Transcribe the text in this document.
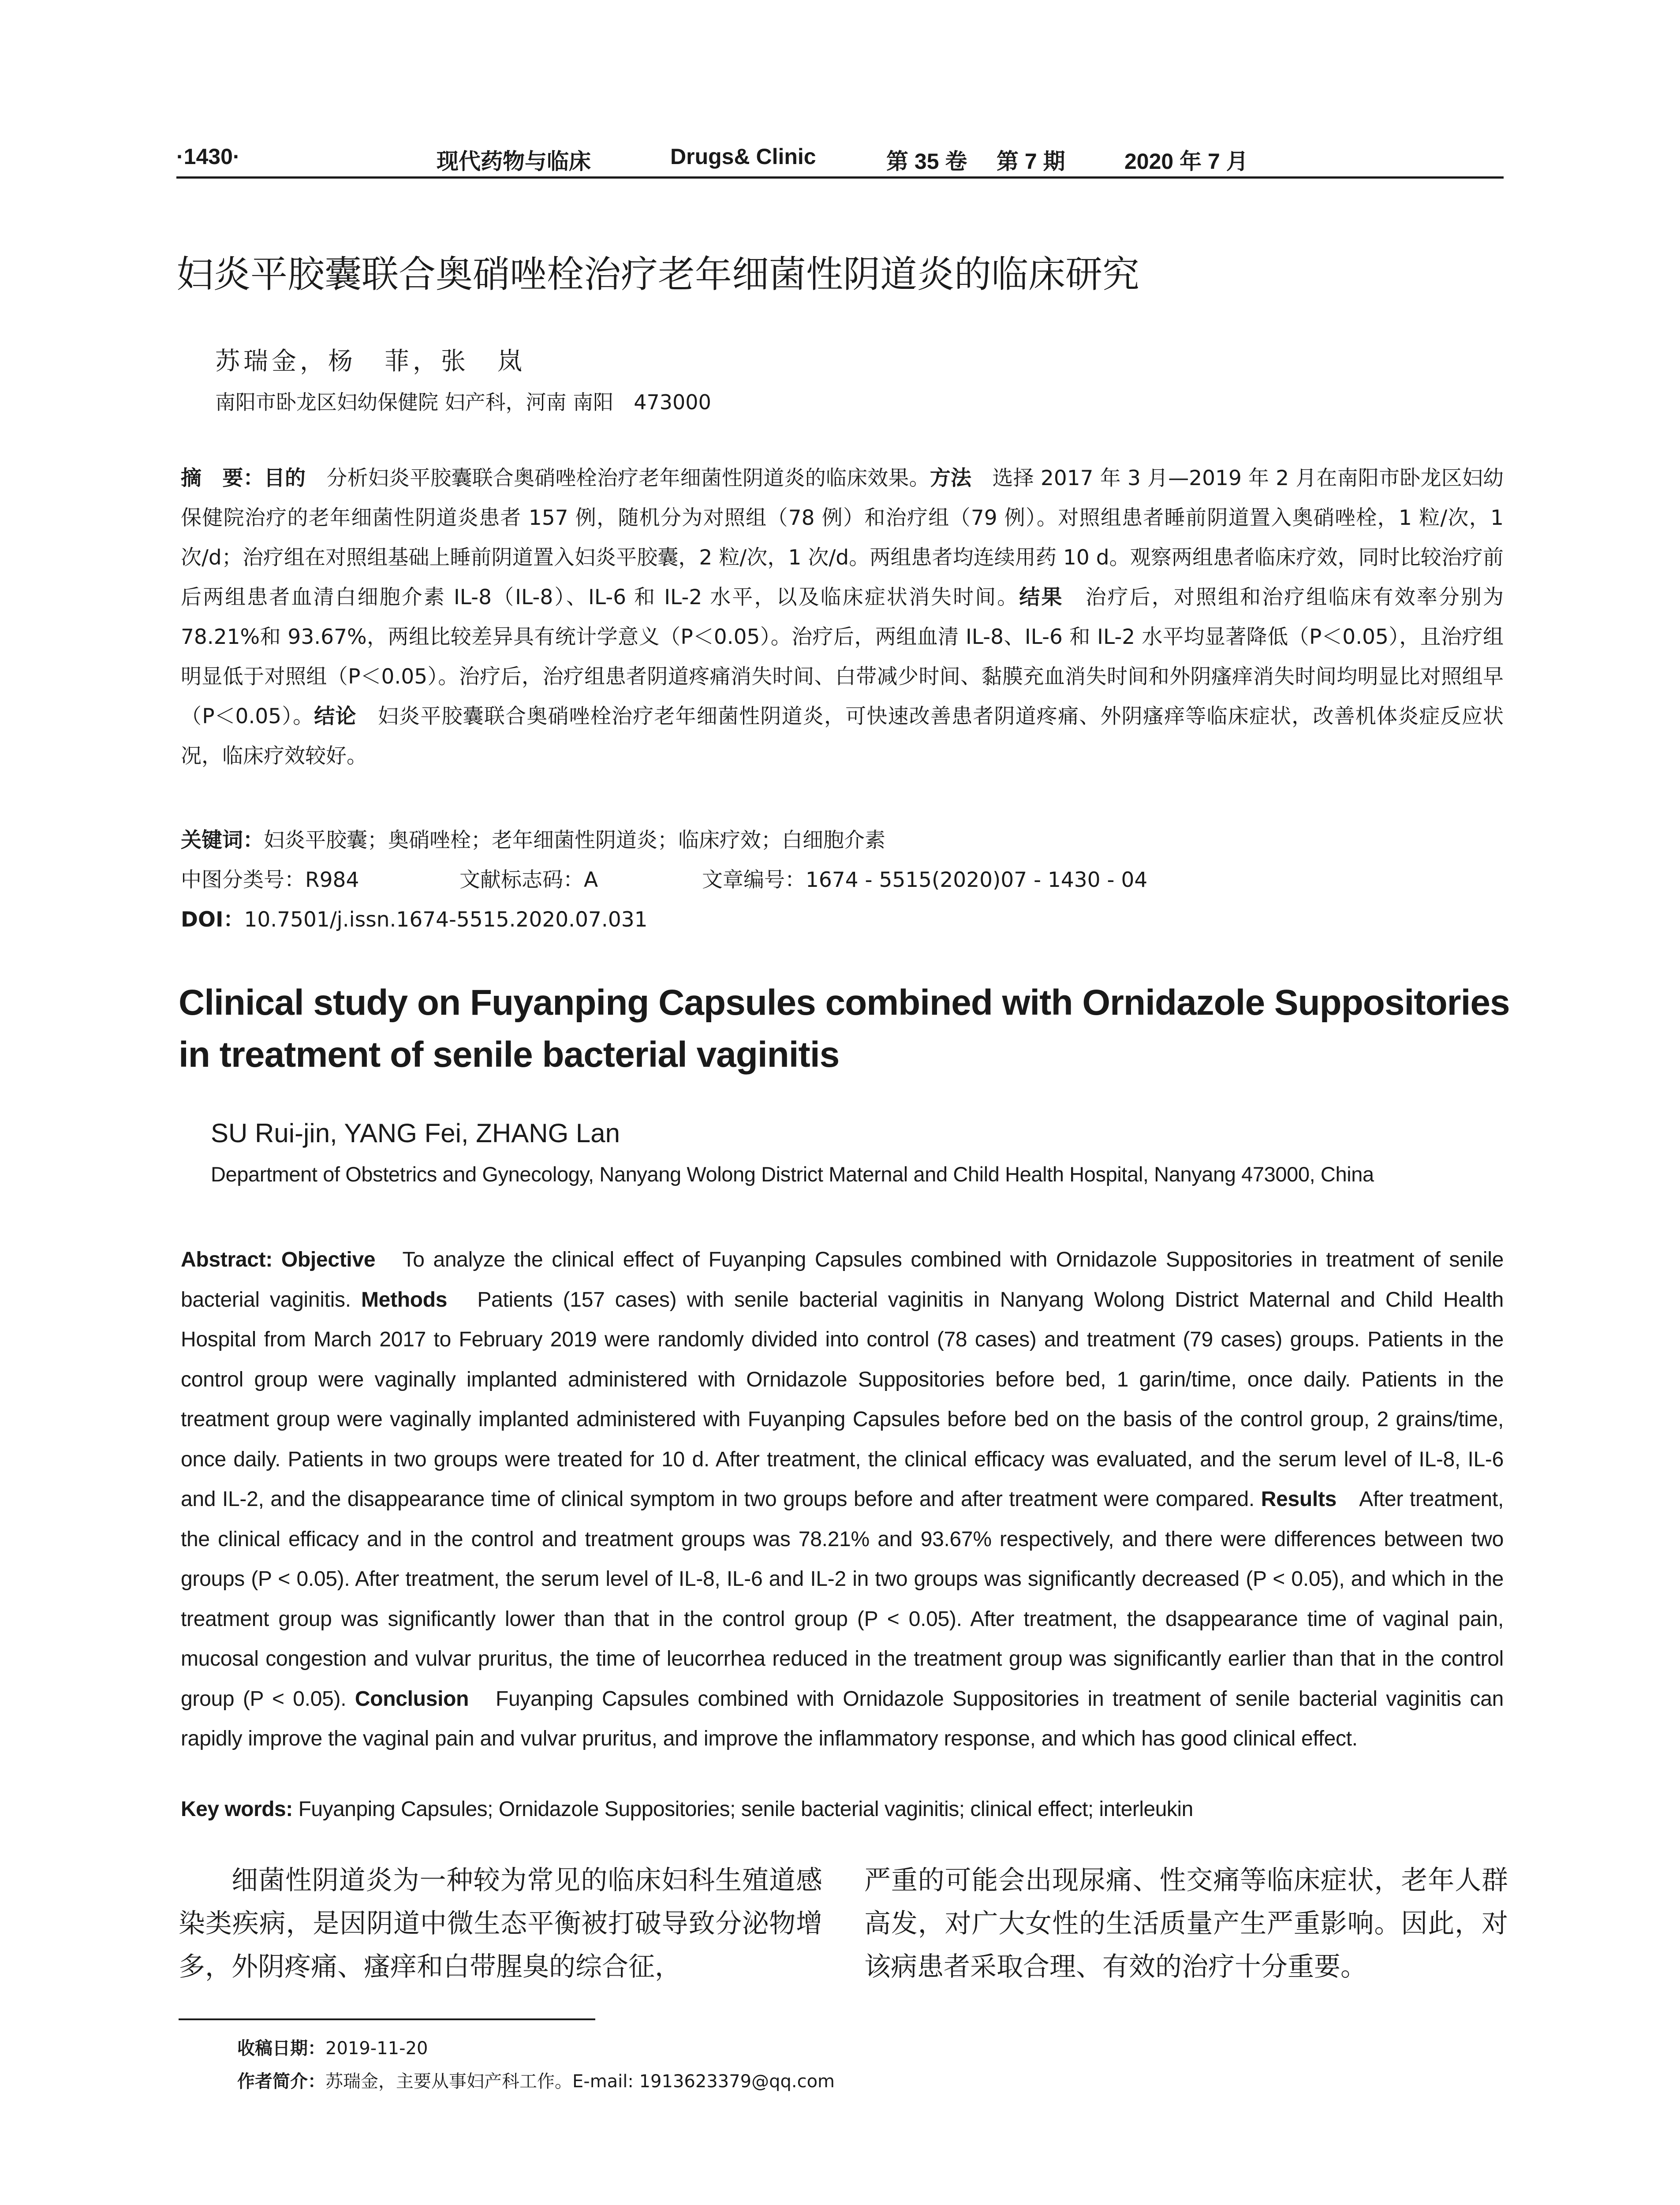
·1430·	现代药物与临床	Drugs& Clinic	第 35 卷 第 7 期	2020 年 7 月
妇炎平胶囊联合奥硝唑栓治疗老年细菌性阴道炎的临床研究
苏瑞金，杨　菲，张　岚
南阳市卧龙区妇幼保健院 妇产科，河南 南阳　473000
摘　要：目的　分析妇炎平胶囊联合奥硝唑栓治疗老年细菌性阴道炎的临床效果。方法　选择 2017 年 3 月—2019 年 2 月在南阳市卧龙区妇幼保健院治疗的老年细菌性阴道炎患者 157 例，随机分为对照组（78 例）和治疗组（79 例）。对照组患者睡前阴道置入奥硝唑栓，1 粒/次，1 次/d；治疗组在对照组基础上睡前阴道置入妇炎平胶囊，2 粒/次，1 次/d。两组患者均连续用药 10 d。观察两组患者临床疗效，同时比较治疗前后两组患者血清白细胞介素 IL-8（IL-8）、IL-6 和 IL-2 水平，以及临床症状消失时间。结果　治疗后，对照组和治疗组临床有效率分别为 78.21%和 93.67%，两组比较差异具有统计学意义（P＜0.05）。治疗后，两组血清 IL-8、IL-6 和 IL-2 水平均显著降低（P＜0.05），且治疗组明显低于对照组（P＜0.05）。治疗后，治疗组患者阴道疼痛消失时间、白带减少时间、黏膜充血消失时间和外阴瘙痒消失时间均明显比对照组早（P＜0.05）。结论　妇炎平胶囊联合奥硝唑栓治疗老年细菌性阴道炎，可快速改善患者阴道疼痛、外阴瘙痒等临床症状，改善机体炎症反应状况，临床疗效较好。
关键词：妇炎平胶囊；奥硝唑栓；老年细菌性阴道炎；临床疗效；白细胞介素
中图分类号：R984	文献标志码：A	文章编号：1674 - 5515(2020)07 - 1430 - 04
DOI：10.7501/j.issn.1674-5515.2020.07.031
Clinical study on Fuyanping Capsules combined with Ornidazole Suppositories in treatment of senile bacterial vaginitis
SU Rui-jin, YANG Fei, ZHANG Lan
Department of Obstetrics and Gynecology, Nanyang Wolong District Maternal and Child Health Hospital, Nanyang 473000, China
Abstract: Objective　To analyze the clinical effect of Fuyanping Capsules combined with Ornidazole Suppositories in treatment of senile bacterial vaginitis. Methods　Patients (157 cases) with senile bacterial vaginitis in Nanyang Wolong District Maternal and Child Health Hospital from March 2017 to February 2019 were randomly divided into control (78 cases) and treatment (79 cases) groups. Patients in the control group were vaginally implanted administered with Ornidazole Suppositories before bed, 1 garin/time, once daily. Patients in the treatment group were vaginally implanted administered with Fuyanping Capsules before bed on the basis of the control group, 2 grains/time, once daily. Patients in two groups were treated for 10 d. After treatment, the clinical efficacy was evaluated, and the serum level of IL-8, IL-6 and IL-2, and the disappearance time of clinical symptom in two groups before and after treatment were compared. Results　After treatment, the clinical efficacy and in the control and treatment groups was 78.21% and 93.67% respectively, and there were differences between two groups (P < 0.05). After treatment, the serum level of IL-8, IL-6 and IL-2 in two groups was significantly decreased (P < 0.05), and which in the treatment group was significantly lower than that in the control group (P < 0.05). After treatment, the dsappearance time of vaginal pain, mucosal congestion and vulvar pruritus, the time of leucorrhea reduced in the treatment group was significantly earlier than that in the control group (P < 0.05). Conclusion　Fuyanping Capsules combined with Ornidazole Suppositories in treatment of senile bacterial vaginitis can rapidly improve the vaginal pain and vulvar pruritus, and improve the inflammatory response, and which has good clinical effect.
Key words: Fuyanping Capsules; Ornidazole Suppositories; senile bacterial vaginitis; clinical effect; interleukin
细菌性阴道炎为一种较为常见的临床妇科生殖道感染类疾病，是因阴道中微生态平衡被打破导致分泌物增多，外阴疼痛、瘙痒和白带腥臭的综合征，
严重的可能会出现尿痛、性交痛等临床症状，老年人群高发，对广大女性的生活质量产生严重影响。因此，对该病患者采取合理、有效的治疗十分重要。
收稿日期：2019-11-20
作者简介：苏瑞金，主要从事妇产科工作。E-mail: 1913623379@qq.com
